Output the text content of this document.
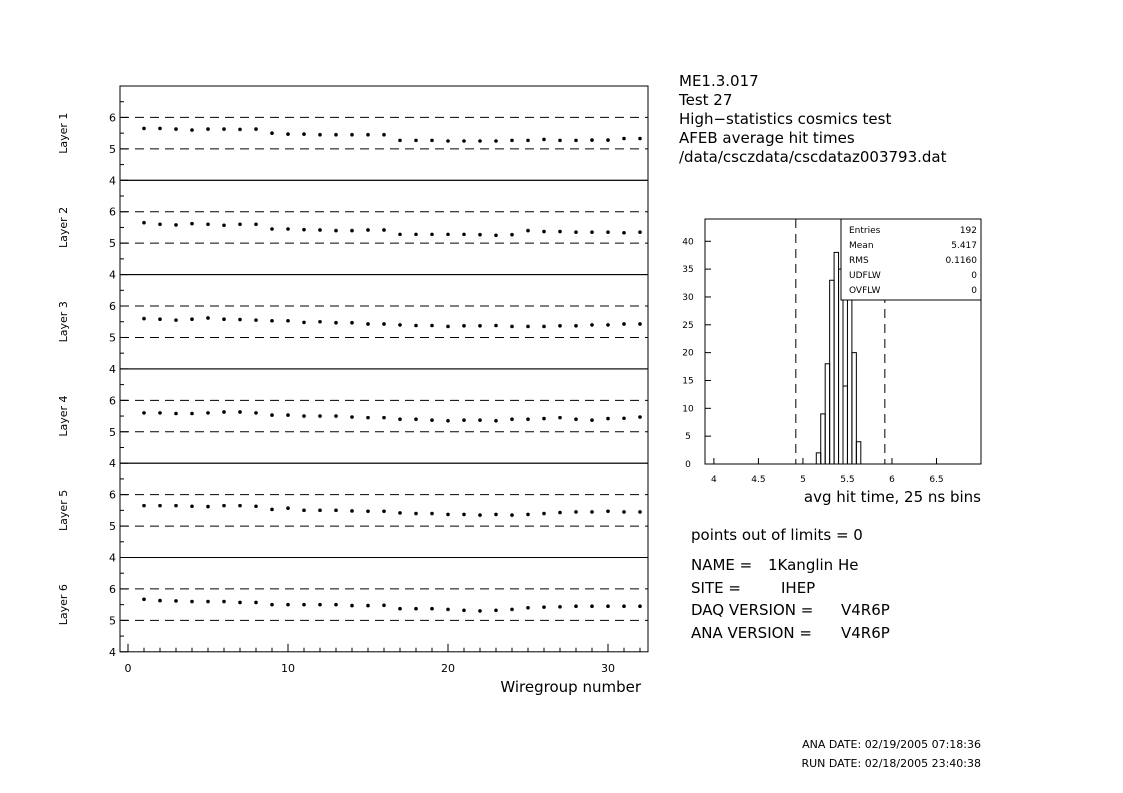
ME1.3.017
Test 27
High−statistics cosmics test
AFEB average hit times
/data/csczdata/cscdataz003793.dat
4
5
6
Layer 1
4
5
6
Layer 2
4
5
6
Layer 3
4
5
6
Layer 4
4
5
6
Layer 5
4
5
6
Layer 6
Wiregroup number
0	10	20	30
avg hit time, 25 ns bins
0
5
10
15
20
25
30
35
40
4	4.5	5	5.5	6	6.5
Entries	192
Mean	5.417
RMS	0.1160
UDFLW	0
OVFLW	0
points out of limits = 0
NAME = 1Kanglin He
SITE =	IHEP
DAQ VERSION = V4R6P
ANA VERSION = V4R6P
ANA DATE: 02/19/2005 07:18:36
RUN DATE: 02/18/2005 23:40:38
